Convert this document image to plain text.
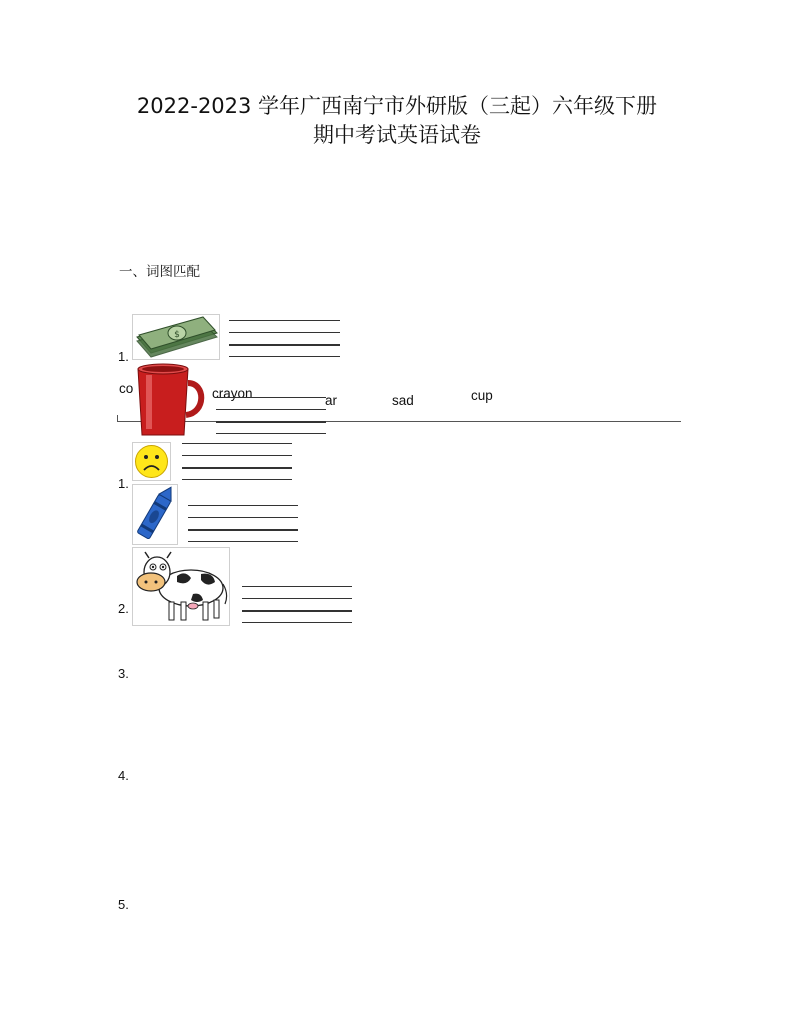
2022-2023 学年广西南宁市外研版（三起）六年级下册
期中考试英语试卷
一、词图匹配
$
1.
co	crayon	ar	sad	cup
1.
2.
3.
4.
5.
